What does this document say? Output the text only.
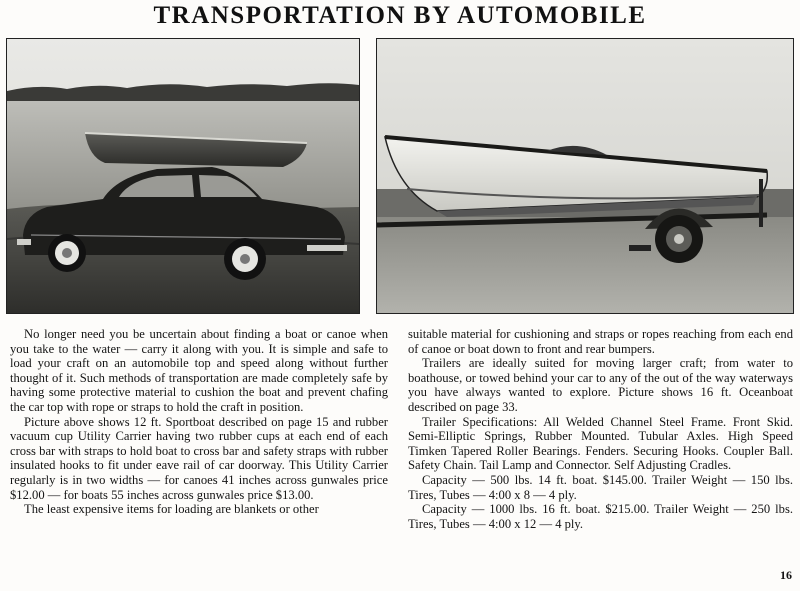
TRANSPORTATION BY AUTOMOBILE

No longer need you be uncertain about finding a boat or canoe when you take to the water — carry it along with you. It is simple and safe to load your craft on an automobile top and speed along without further thought of it. Such methods of transportation are made completely safe by having some protective material to cushion the boat and prevent chafing the car top with rope or straps to hold the craft in position.

Picture above shows 12 ft. Sportboat described on page 15 and rubber vacuum cup Utility Carrier having two rubber cups at each end of each cross bar with straps to hold boat to cross bar and safety straps with rubber insulated hooks to fit under eave rail of car doorway. This Utility Carrier regularly is in two widths — for canoes 41 inches across gunwales price $12.00 — for boats 55 inches across gunwales price $13.00.

The least expensive items for loading are blankets or other

suitable material for cushioning and straps or ropes reaching from each end of canoe or boat down to front and rear bumpers.

Trailers are ideally suited for moving larger craft; from water to boathouse, or towed behind your car to any of the out of the way waterways you have always wanted to explore. Picture shows 16 ft. Oceanboat described on page 33.

Trailer Specifications: All Welded Channel Steel Frame. Front Skid. Semi-Elliptic Springs, Rubber Mounted. Tubular Axles. High Speed Timken Tapered Roller Bearings. Fenders. Securing Hooks. Coupler Ball. Safety Chain. Tail Lamp and Connector. Self Adjusting Cradles.

Capacity — 500 lbs. 14 ft. boat. $145.00. Trailer Weight — 150 lbs. Tires, Tubes — 4:00 x 8 — 4 ply.

Capacity — 1000 lbs. 16 ft. boat. $215.00. Trailer Weight — 250 lbs. Tires, Tubes — 4:00 x 12 — 4 ply.

16
